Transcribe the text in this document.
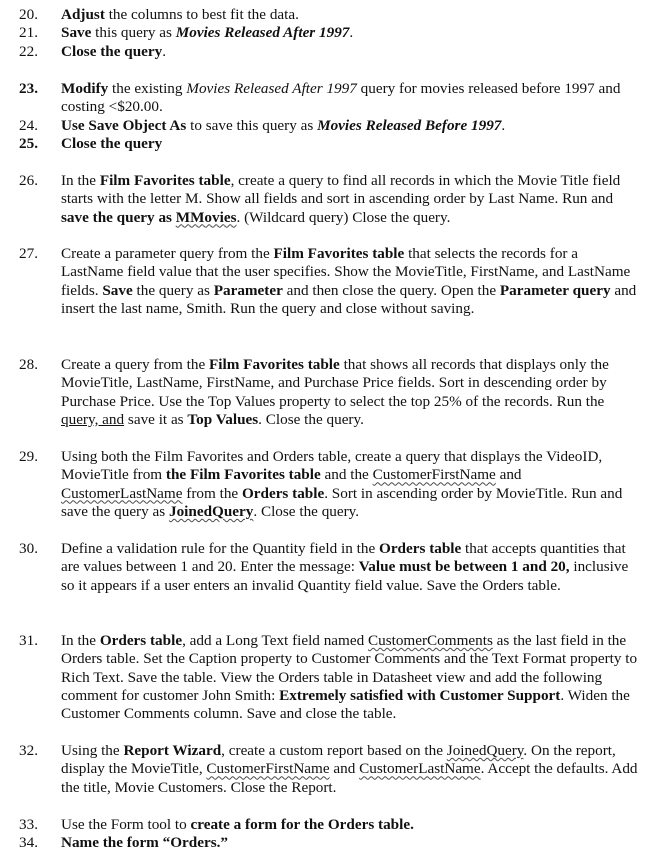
20. Adjust the columns to best fit the data.
21. Save this query as Movies Released After 1997.
22. Close the query.
23. Modify the existing Movies Released After 1997 query for movies released before 1997 and costing <$20.00.
24. Use Save Object As to save this query as Movies Released Before 1997.
25. Close the query
26. In the Film Favorites table, create a query to find all records in which the Movie Title field starts with the letter M. Show all fields and sort in ascending order by Last Name. Run and save the query as MMovies. (Wildcard query) Close the query.
27. Create a parameter query from the Film Favorites table that selects the records for a LastName field value that the user specifies. Show the MovieTitle, FirstName, and LastName fields. Save the query as Parameter and then close the query. Open the Parameter query and insert the last name, Smith. Run the query and close without saving.
28. Create a query from the Film Favorites table that shows all records that displays only the MovieTitle, LastName, FirstName, and Purchase Price fields. Sort in descending order by Purchase Price. Use the Top Values property to select the top 25% of the records. Run the query, and save it as Top Values. Close the query.
29. Using both the Film Favorites and Orders table, create a query that displays the VideoID, MovieTitle from the Film Favorites table and the CustomerFirstName and CustomerLastName from the Orders table. Sort in ascending order by MovieTitle. Run and save the query as JoinedQuery. Close the query.
30. Define a validation rule for the Quantity field in the Orders table that accepts quantities that are values between 1 and 20. Enter the message: Value must be between 1 and 20, inclusive so it appears if a user enters an invalid Quantity field value. Save the Orders table.
31. In the Orders table, add a Long Text field named CustomerComments as the last field in the Orders table. Set the Caption property to Customer Comments and the Text Format property to Rich Text. Save the table. View the Orders table in Datasheet view and add the following comment for customer John Smith: Extremely satisfied with Customer Support. Widen the Customer Comments column. Save and close the table.
32. Using the Report Wizard, create a custom report based on the JoinedQuery. On the report, display the MovieTitle, CustomerFirstName and CustomerLastName. Accept the defaults. Add the title, Movie Customers. Close the Report.
33. Use the Form tool to create a form for the Orders table.
34. Name the form “Orders.”
